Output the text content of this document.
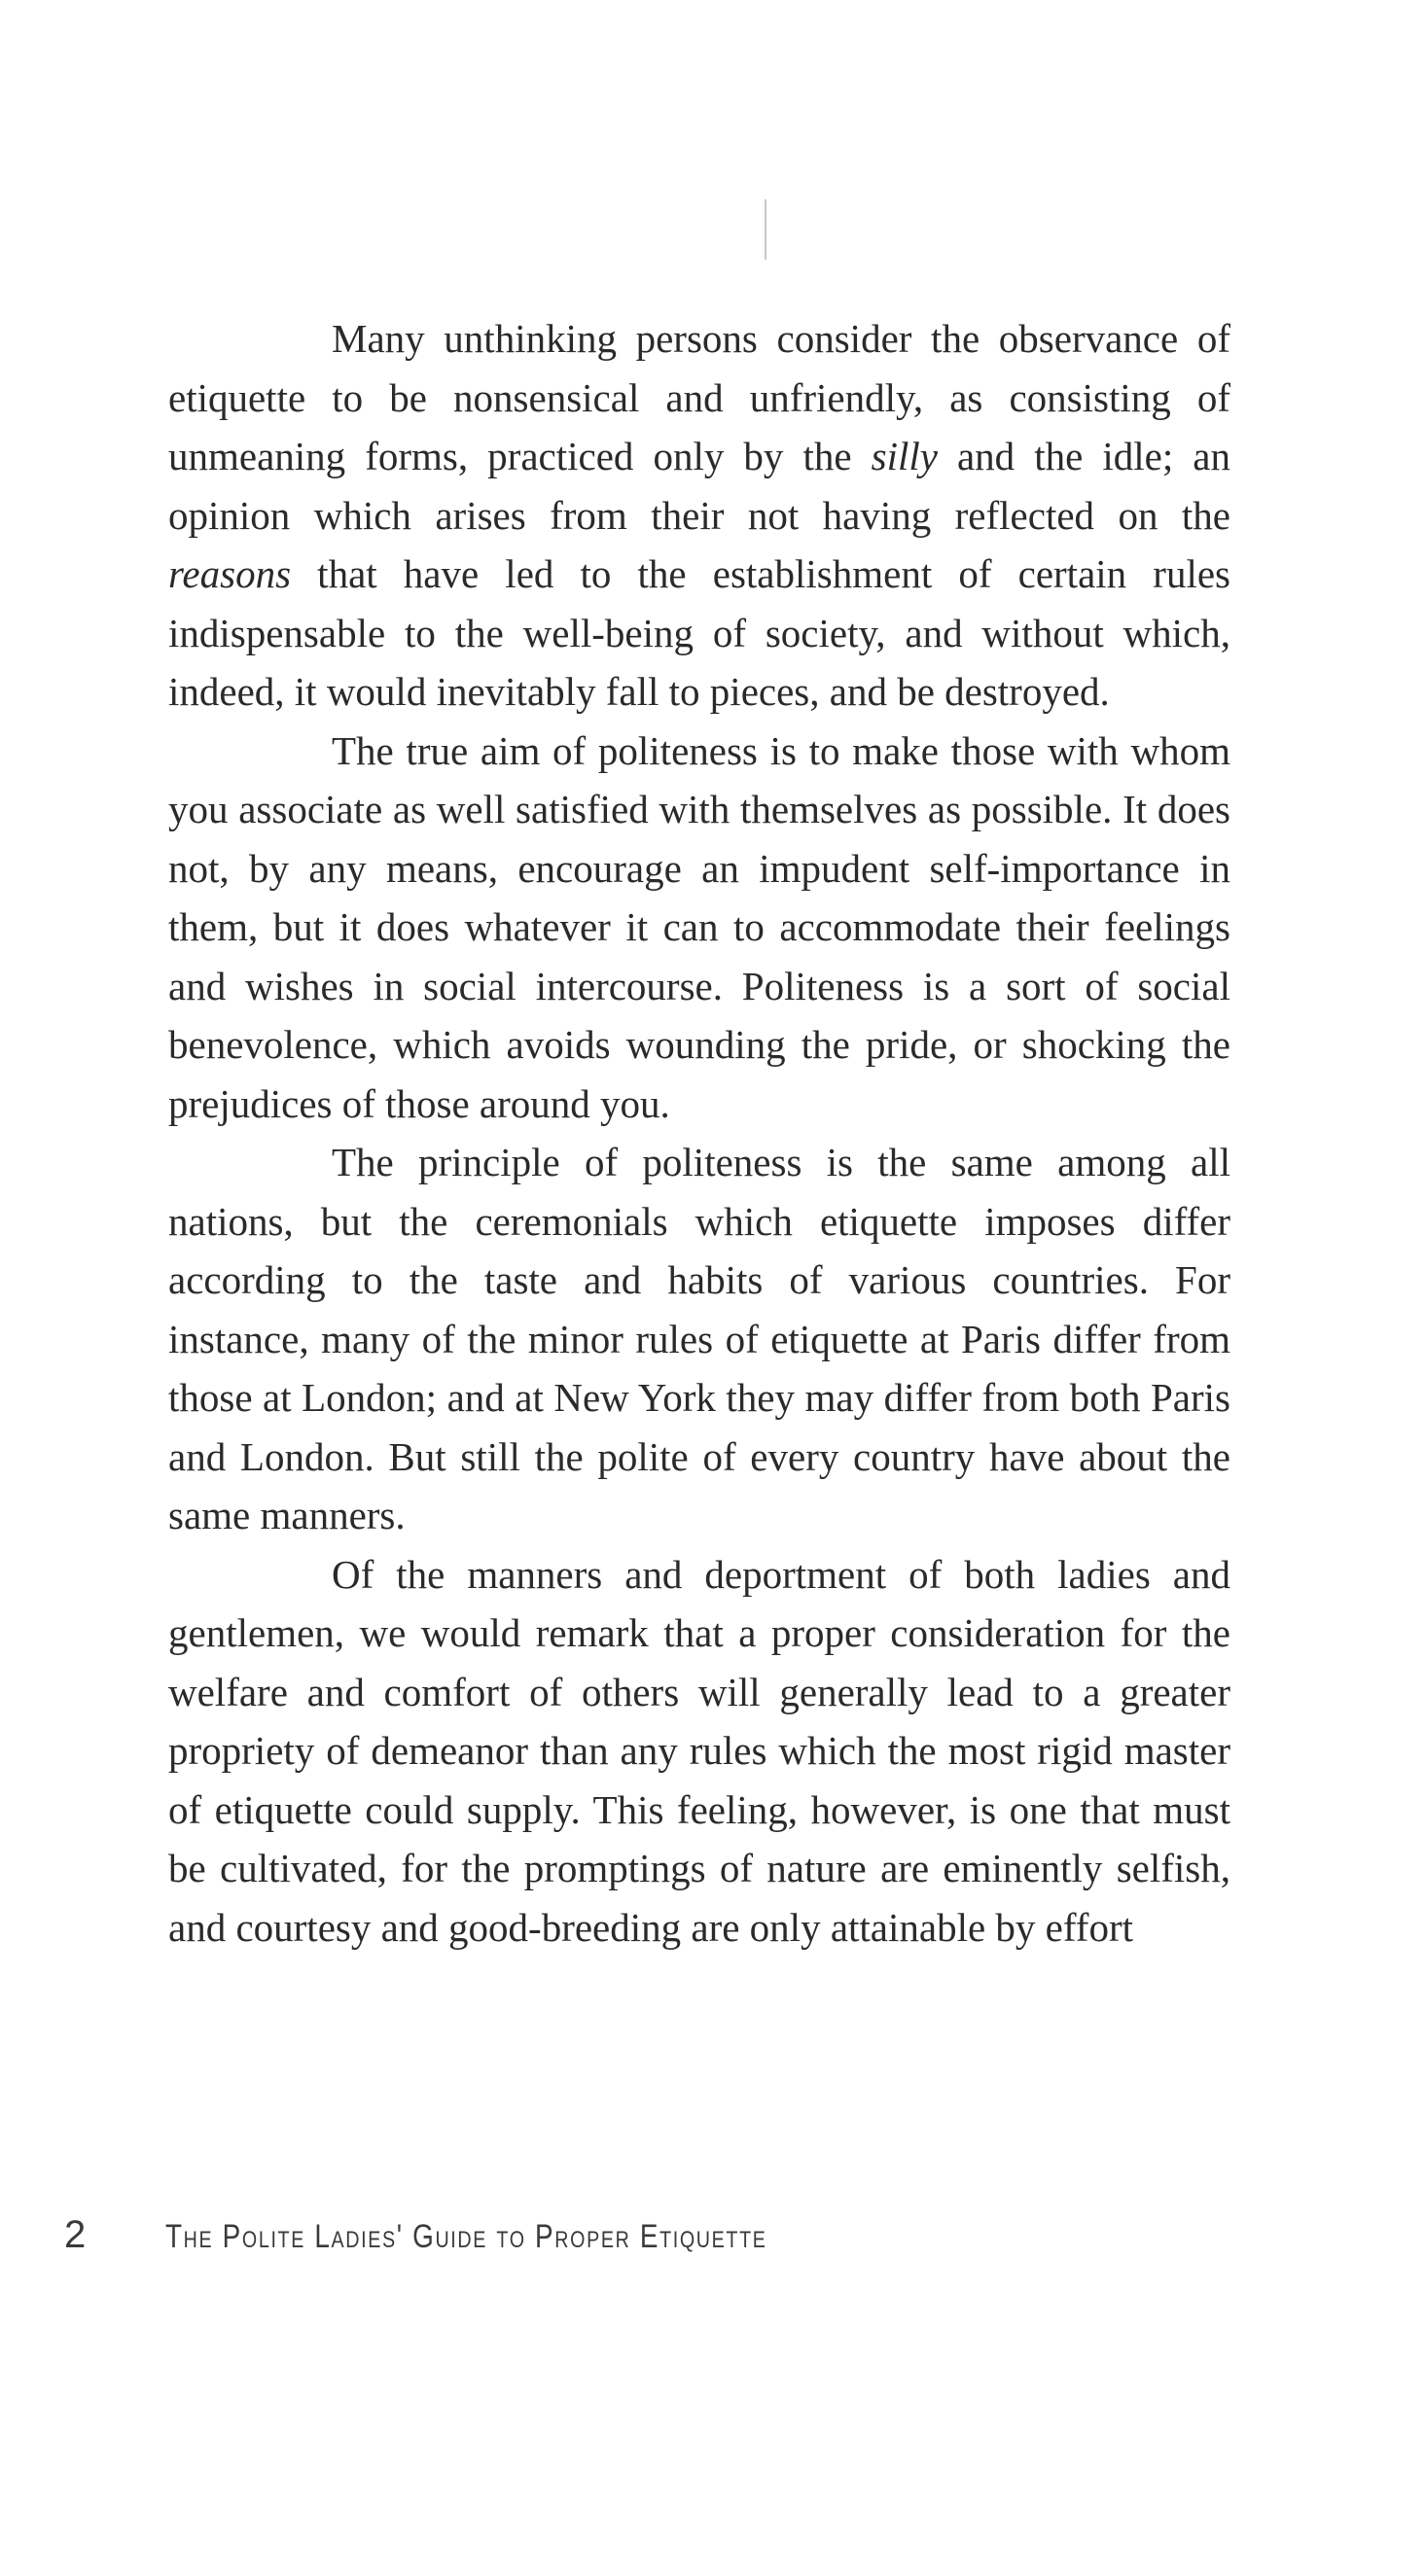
Many unthinking persons consider the observance of etiquette to be nonsensical and unfriendly, as consisting of unmeaning forms, practiced only by the silly and the idle; an opinion which arises from their not having reflected on the reasons that have led to the establishment of certain rules indispensable to the well-being of society, and without which, indeed, it would inevitably fall to pieces, and be destroyed.

The true aim of politeness is to make those with whom you associate as well satisfied with themselves as possible. It does not, by any means, encourage an impudent self-importance in them, but it does whatever it can to accommodate their feelings and wishes in social intercourse. Politeness is a sort of social benevolence, which avoids wounding the pride, or shocking the prejudices of those around you.

The principle of politeness is the same among all nations, but the ceremonials which etiquette imposes differ according to the taste and habits of various countries. For instance, many of the minor rules of etiquette at Paris differ from those at London; and at New York they may differ from both Paris and London. But still the polite of every country have about the same manners.

Of the manners and deportment of both ladies and gentlemen, we would remark that a proper consideration for the welfare and comfort of others will generally lead to a greater propriety of demeanor than any rules which the most rigid master of etiquette could supply. This feeling, however, is one that must be cultivated, for the promptings of nature are eminently selfish, and courtesy and good-breeding are only attainable by effort

2	The Polite Ladies' Guide to Proper Etiquette
